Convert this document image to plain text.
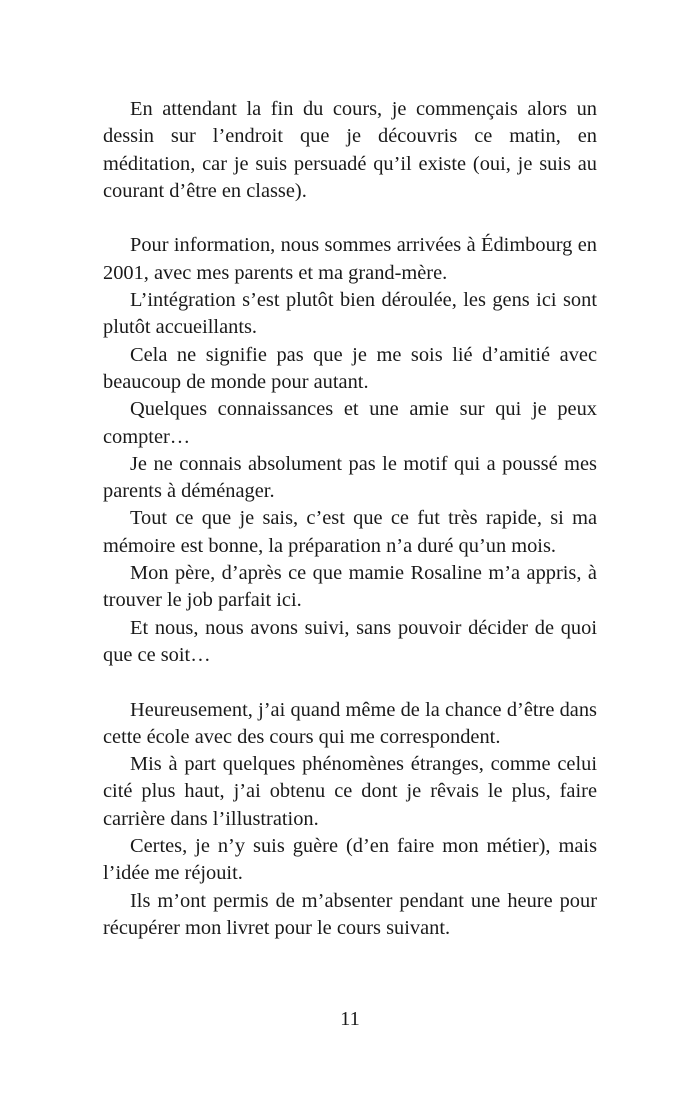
En attendant la fin du cours, je commençais alors un dessin sur l’endroit que je découvris ce matin, en méditation, car je suis persuadé qu’il existe (oui, je suis au courant d’être en classe).

Pour information, nous sommes arrivées à Édimbourg en 2001, avec mes parents et ma grand-mère.

L’intégration s’est plutôt bien déroulée, les gens ici sont plutôt accueillants.

Cela ne signifie pas que je me sois lié d’amitié avec beaucoup de monde pour autant.

Quelques connaissances et une amie sur qui je peux compter…

Je ne connais absolument pas le motif qui a poussé mes parents à déménager.

Tout ce que je sais, c’est que ce fut très rapide, si ma mémoire est bonne, la préparation n’a duré qu’un mois.

Mon père, d’après ce que mamie Rosaline m’a appris, à trouver le job parfait ici.

Et nous, nous avons suivi, sans pouvoir décider de quoi que ce soit…

Heureusement, j’ai quand même de la chance d’être dans cette école avec des cours qui me correspondent.

Mis à part quelques phénomènes étranges, comme celui cité plus haut, j’ai obtenu ce dont je rêvais le plus, faire carrière dans l’illustration.

Certes, je n’y suis guère (d’en faire mon métier), mais l’idée me réjouit.

Ils m’ont permis de m’absenter pendant une heure pour récupérer mon livret pour le cours suivant.

11
